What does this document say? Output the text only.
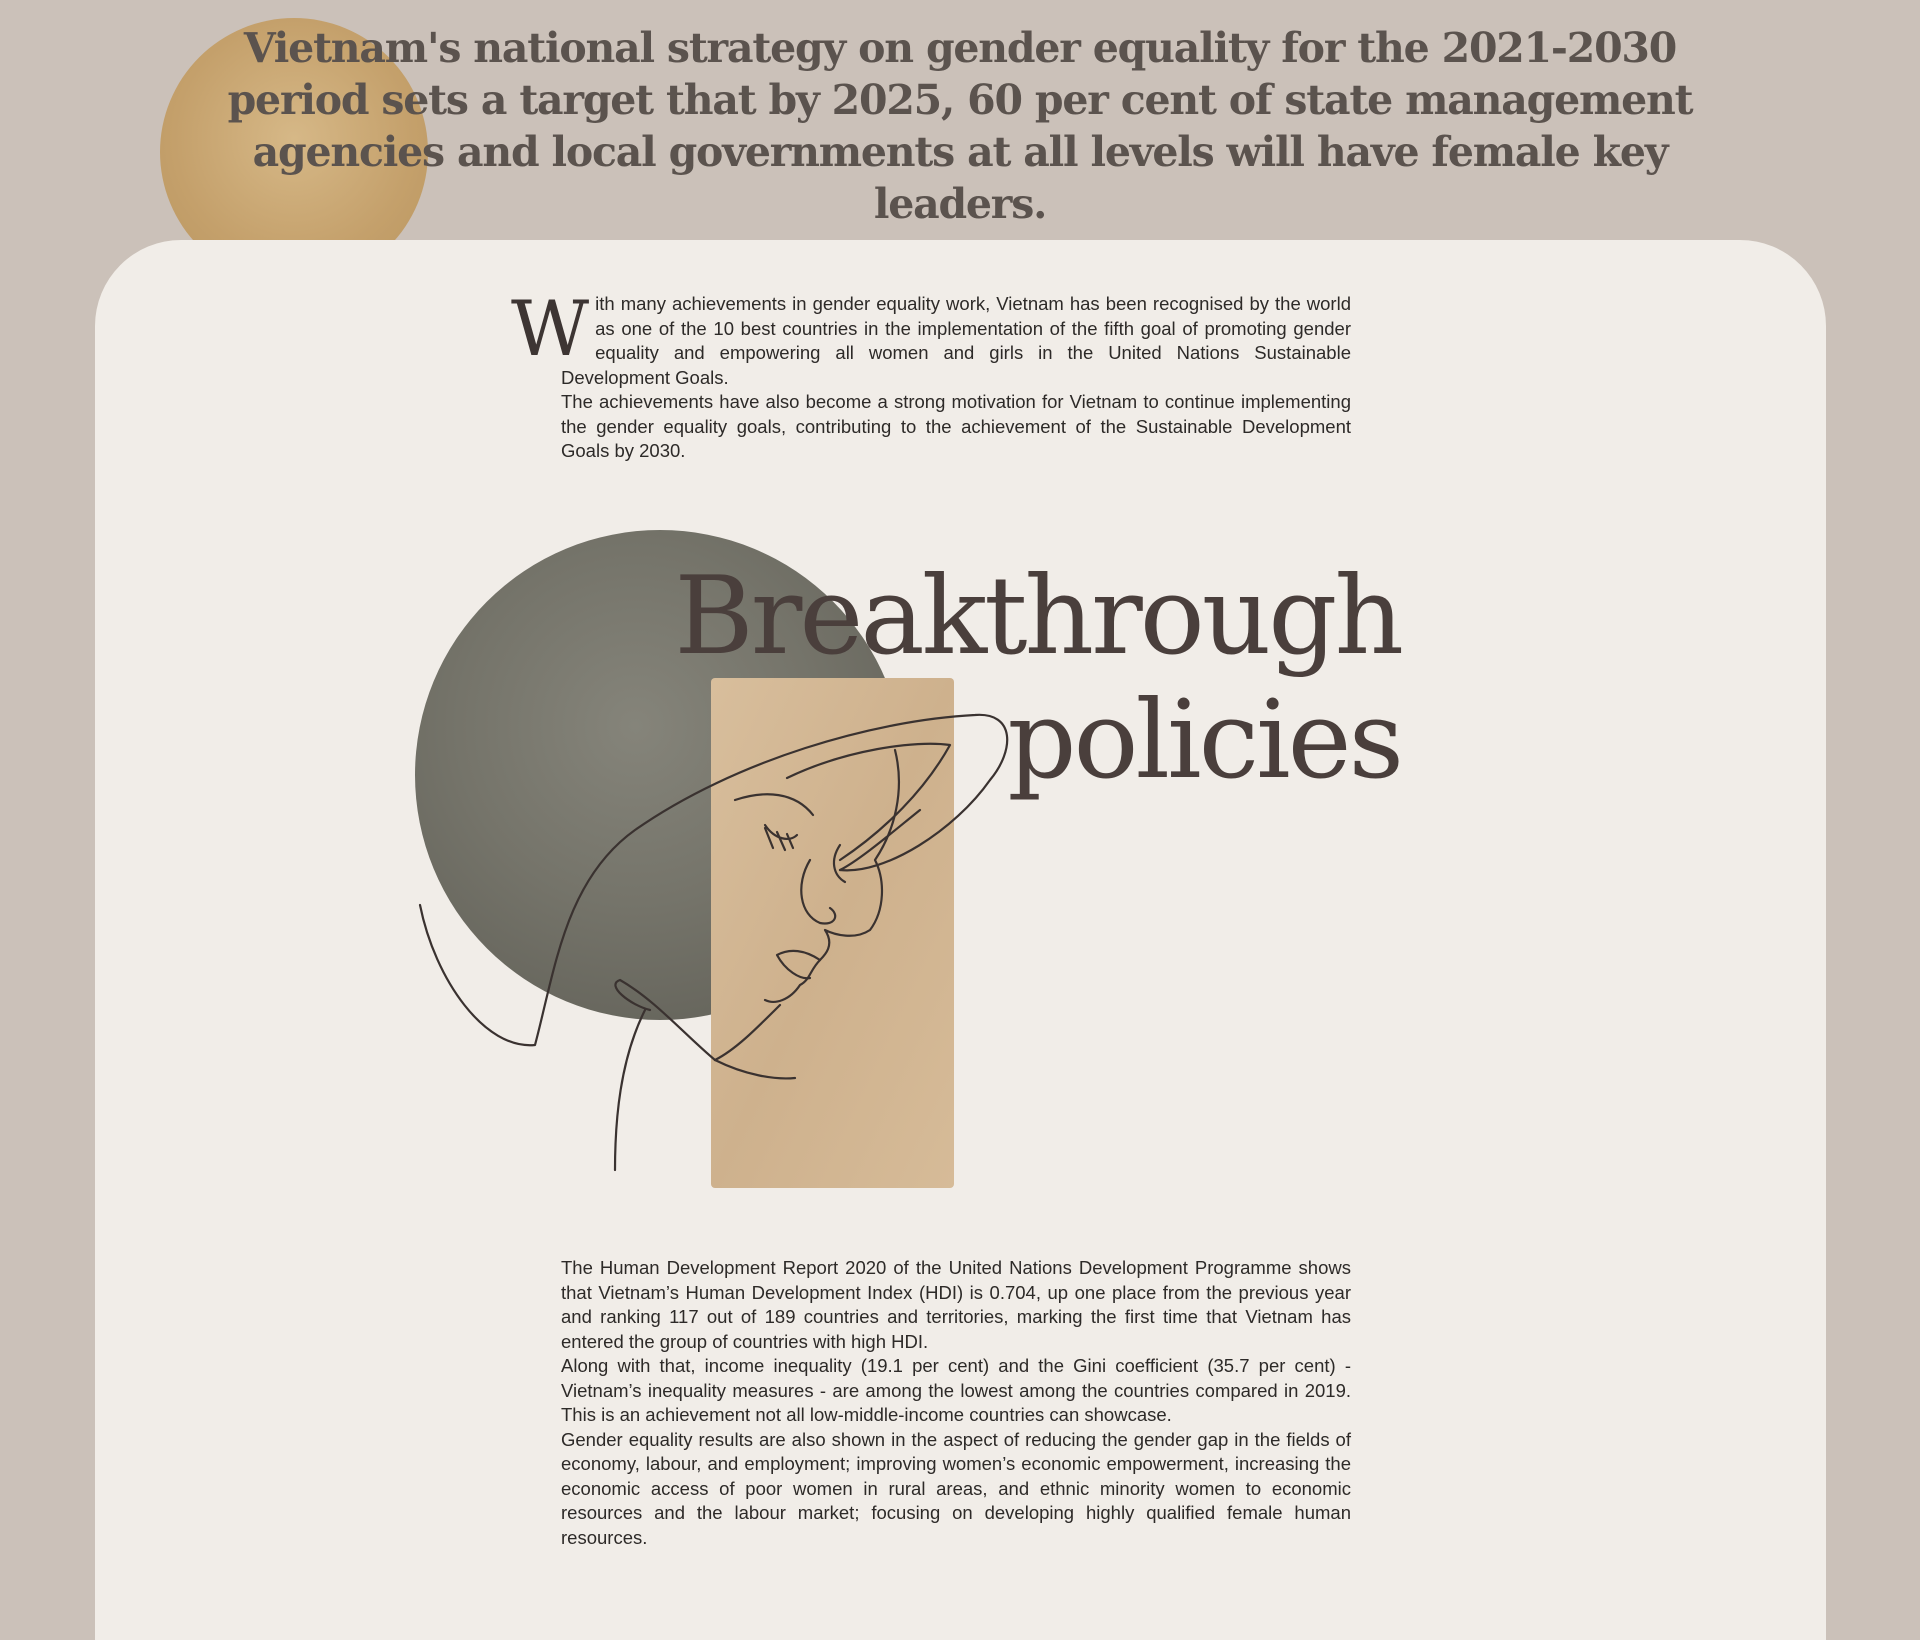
Vietnam's national strategy on gender equality for the 2021-2030
period sets a target that by 2025, 60 per cent of state management
agencies and local governments at all levels will have female key leaders.
W ith many achievements in gender equality work, Vietnam has been recognised by the world as one of the 10 best countries in the implementation of the fifth goal of promoting gender equality and empowering all women and girls in the United Nations Sustainable Development Goals.

The achievements have also become a strong motivation for Vietnam to continue implementing the gender equality goals, contributing to the achievement of the Sustainable Development Goals by 2030.

Breakthrough
policies

The Human Development Report 2020 of the United Nations Development Programme shows that Vietnam’s Human Development Index (HDI) is 0.704, up one place from the previous year and ranking 117 out of 189 countries and territories, marking the first time that Vietnam has entered the group of countries with high HDI.

Along with that, income inequality (19.1 per cent) and the Gini coefficient (35.7 per cent) - Vietnam’s inequality measures - are among the lowest among the countries compared in 2019. This is an achievement not all low-middle-income countries can showcase.

Gender equality results are also shown in the aspect of reducing the gender gap in the fields of economy, labour, and employment; improving women’s economic empowerment, increasing the economic access of poor women in rural areas, and ethnic minority women to economic resources and the labour market; focusing on developing highly qualified female human resources.
